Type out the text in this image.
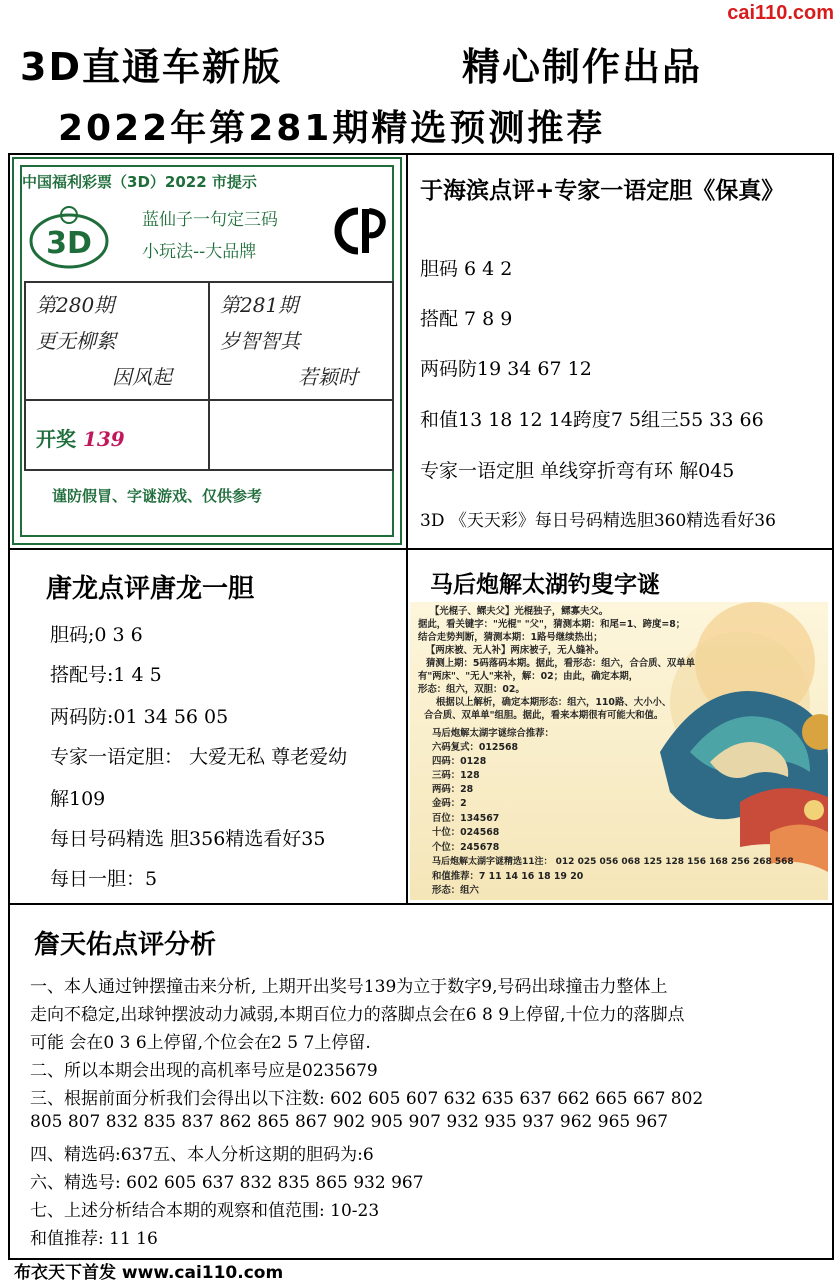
cai110.com
3D直通车新版	精心制作出品
2022年第281期精选预测推荐
中国福利彩票（3D）2022 市提示
3D
蓝仙子一句定三码
小玩法--大品牌
第280期
更无柳絮
因风起
第281期
岁智智其
若颖时
开奖 139
谨防假冒、字谜游戏、仅供参考
于海滨点评+专家一语定胆《保真》
胆码 6 4 2
搭配 7 8 9
两码防19 34 67 12
和值13 18 12 14跨度7 5组三55 33 66
专家一语定胆 单线穿折弯有环 解045
3D 《天天彩》每日号码精选胆360精选看好36
唐龙点评唐龙一胆
胆码;0 3 6
搭配号:1 4 5
两码防:01 34 56 05
专家一语定胆： 大爱无私 尊老爱幼
解109
每日号码精选 胆356精选看好35
每日一胆：5
马后炮解太湖钓叟字谜
【光棍子、鳏夫父】光棍独子，鳏寡夫父。
据此，看关键字："光棍" "父"，猜测本期：和尾=1、跨度=8；
结合走势判断，猜测本期：1路号继续热出；
【两床被、无人补】两床被子，无人缝补。
猜测上期：5码落码本期。据此，看形态：组六，合合质、双单单
有"两床"、"无人"来补，解：02；由此，确定本期，
形态：组六，双胆：02。
根据以上解析，确定本期形态：组六，110路、大小小、
合合质、双单单"组胆。据此，看来本期很有可能大和值。
马后炮解太湖字谜综合推荐：
六码复式：012568
四码：0128
三码：128
两码：28
金码：2
百位：134567
十位：024568
个位：245678
马后炮解太湖字谜精选11注： 012 025 056 068 125 128 156 168 256 268 568
和值推荐：7 11 14 16 18 19 20
形态：组六
詹天佑点评分析
一、本人通过钟摆撞击来分析, 上期开出奖号139为立于数字9,号码出球撞击力整体上
走向不稳定,出球钟摆波动力减弱,本期百位力的落脚点会在6 8 9上停留,十位力的落脚点
可能 会在0 3 6上停留,个位会在2 5 7上停留.
二、所以本期会出现的高机率号应是0235679
三、根据前面分析我们会得出以下注数: 602 605 607 632 635 637 662 665 667 802
805 807 832 835 837 862 865 867 902 905 907 932 935 937 962 965 967
四、精选码:637五、本人分析这期的胆码为:6
六、精选号: 602 605 637 832 835 865 932 967
七、上述分析结合本期的观察和值范围: 10-23
和值推荐: 11 16
布衣天下首发 www.cai110.com
